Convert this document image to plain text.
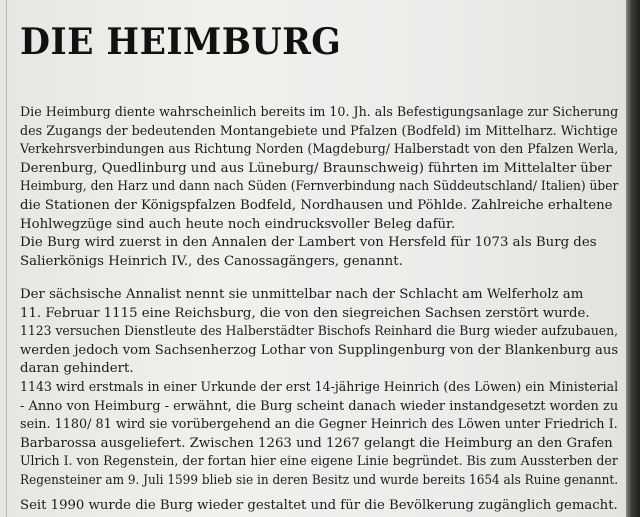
DIE HEIMBURG
Die Heimburg diente wahrscheinlich bereits im 10. Jh. als Befestigungsanlage zur Sicherung
des Zugangs der bedeutenden Montangebiete und Pfalzen (Bodfeld) im Mittelharz. Wichtige
Verkehrsverbindungen aus Richtung Norden (Magdeburg/ Halberstadt von den Pfalzen Werla,
Derenburg, Quedlinburg und aus Lüneburg/ Braunschweig) führten im Mittelalter über
Heimburg, den Harz und dann nach Süden (Fernverbindung nach Süddeutschland/ Italien) über
die Stationen der Königspfalzen Bodfeld, Nordhausen und Pöhlde. Zahlreiche erhaltene
Hohlwegzüge sind auch heute noch eindrucksvoller Beleg dafür.
Die Burg wird zuerst in den Annalen der Lambert von Hersfeld für 1073 als Burg des
Salierkönigs Heinrich IV., des Canossagängers, genannt.
Der sächsische Annalist nennt sie unmittelbar nach der Schlacht am Welferholz am
11. Februar 1115 eine Reichsburg, die von den siegreichen Sachsen zerstört wurde.
1123 versuchen Dienstleute des Halberstädter Bischofs Reinhard die Burg wieder aufzubauen,
werden jedoch vom Sachsenherzog Lothar von Supplingenburg von der Blankenburg aus
daran gehindert.
1143 wird erstmals in einer Urkunde der erst 14-jährige Heinrich (des Löwen) ein Ministerial
- Anno von Heimburg - erwähnt, die Burg scheint danach wieder instandgesetzt worden zu
sein. 1180/ 81 wird sie vorübergehend an die Gegner Heinrich des Löwen unter Friedrich I.
Barbarossa ausgeliefert. Zwischen 1263 und 1267 gelangt die Heimburg an den Grafen
Ulrich I. von Regenstein, der fortan hier eine eigene Linie begründet. Bis zum Aussterben der
Regensteiner am 9. Juli 1599 blieb sie in deren Besitz und wurde bereits 1654 als Ruine genannt.
Seit 1990 wurde die Burg wieder gestaltet und für die Bevölkerung zugänglich gemacht.
